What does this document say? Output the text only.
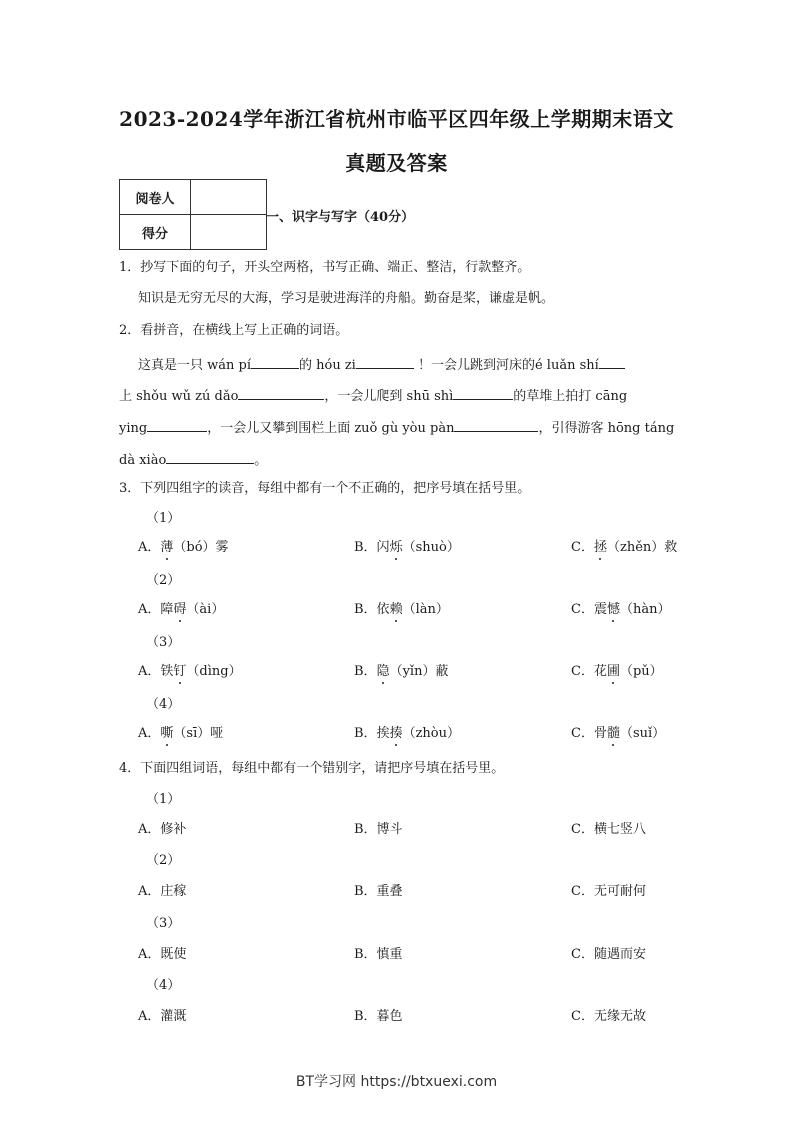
2023-2024学年浙江省杭州市临平区四年级上学期期末语文
真题及答案
阅卷人	
得分	
一、识字与写字（40分）
1．抄写下面的句子，开头空两格，书写正确、端正、整洁，行款整齐。
知识是无穷无尽的大海，学习是驶进海洋的舟船。勤奋是桨，谦虚是帆。
2．看拼音，在横线上写上正确的词语。
这真是一只 wán pí	的 hóu zi	！一会儿跳到河床的é luǎn shí
上 shǒu wǔ zú dǎo	，一会儿爬到 shū shì	的草堆上拍打 cāng
ying	，一会儿又攀到围栏上面 zuǒ gù yòu pàn	，引得游客 hōng táng
dà xiào	。
3．下列四组字的读音，每组中都有一个不正确的，把序号填在括号里。
（1）
A．薄（bó）雾	B．闪烁（shuò）	C．拯（zhěn）救
（2）
A．障碍（ài）	B．依赖（làn）	C．震憾（hàn）
（3）
A．铁钉（dìng）	B．隐（yǐn）蔽	C．花圃（pǔ）
（4）
A．嘶（sī）哑	B．挨揍（zhòu）	C．骨髓（suǐ）
4．下面四组词语，每组中都有一个错别字，请把序号填在括号里。
（1）
A．修补	B．博斗	C．横七竖八
（2）
A．庄稼	B．重叠	C．无可耐何
（3）
A．既使	B．慎重	C．随遇而安
（4）
A．灌溉	B．暮色	C．无缘无故
BT学习网 https://btxuexi.com
